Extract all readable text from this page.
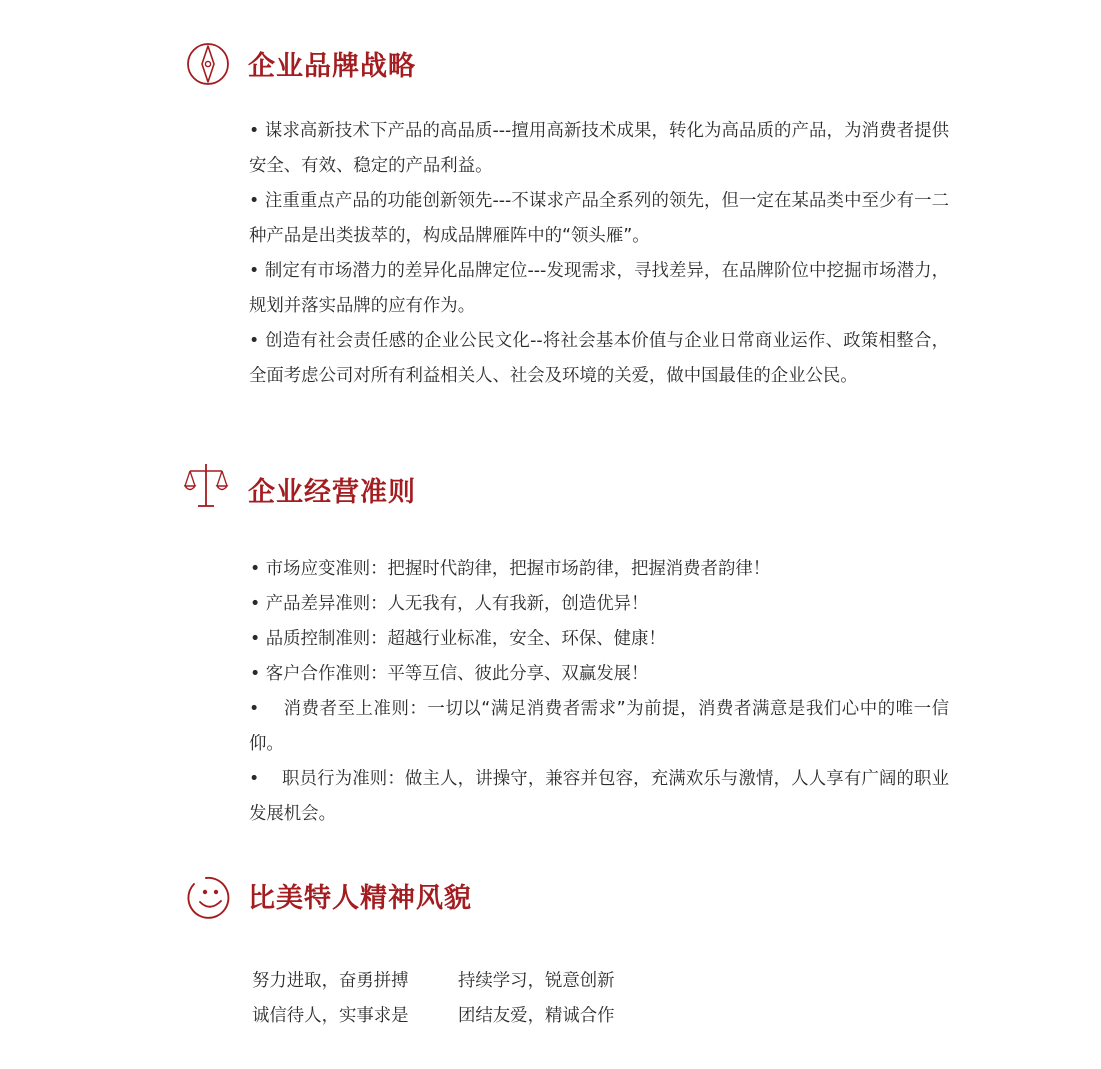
企业品牌战略

• 谋求高新技术下产品的高品质---擅用高新技术成果，转化为高品质的产品，为消费者提供安全、有效、稳定的产品利益。

• 注重重点产品的功能创新领先---不谋求产品全系列的领先，但一定在某品类中至少有一二种产品是出类拔萃的，构成品牌雁阵中的“领头雁”。

• 制定有市场潜力的差异化品牌定位---发现需求，寻找差异，在品牌阶位中挖掘市场潜力，规划并落实品牌的应有作为。

• 创造有社会责任感的企业公民文化--将社会基本价值与企业日常商业运作、政策相整合，全面考虑公司对所有利益相关人、社会及环境的关爱，做中国最佳的企业公民。

企业经营准则
• 市场应变准则：把握时代韵律，把握市场韵律，把握消费者韵律！
• 产品差异准则：人无我有，人有我新，创造优异！
• 品质控制准则：超越行业标准，安全、环保、健康！
• 客户合作准则：平等互信、彼此分享、双赢发展！

•    消费者至上准则：一切以“满足消费者需求”为前提，消费者满意是我们心中的唯一信仰。

•    职员行为准则：做主人，讲操守，兼容并包容，充满欢乐与激情，人人享有广阔的职业发展机会。

比美特人精神风貌
努力进取，奋勇拼搏	持续学习，锐意创新
诚信待人，实事求是	团结友爱，精诚合作
